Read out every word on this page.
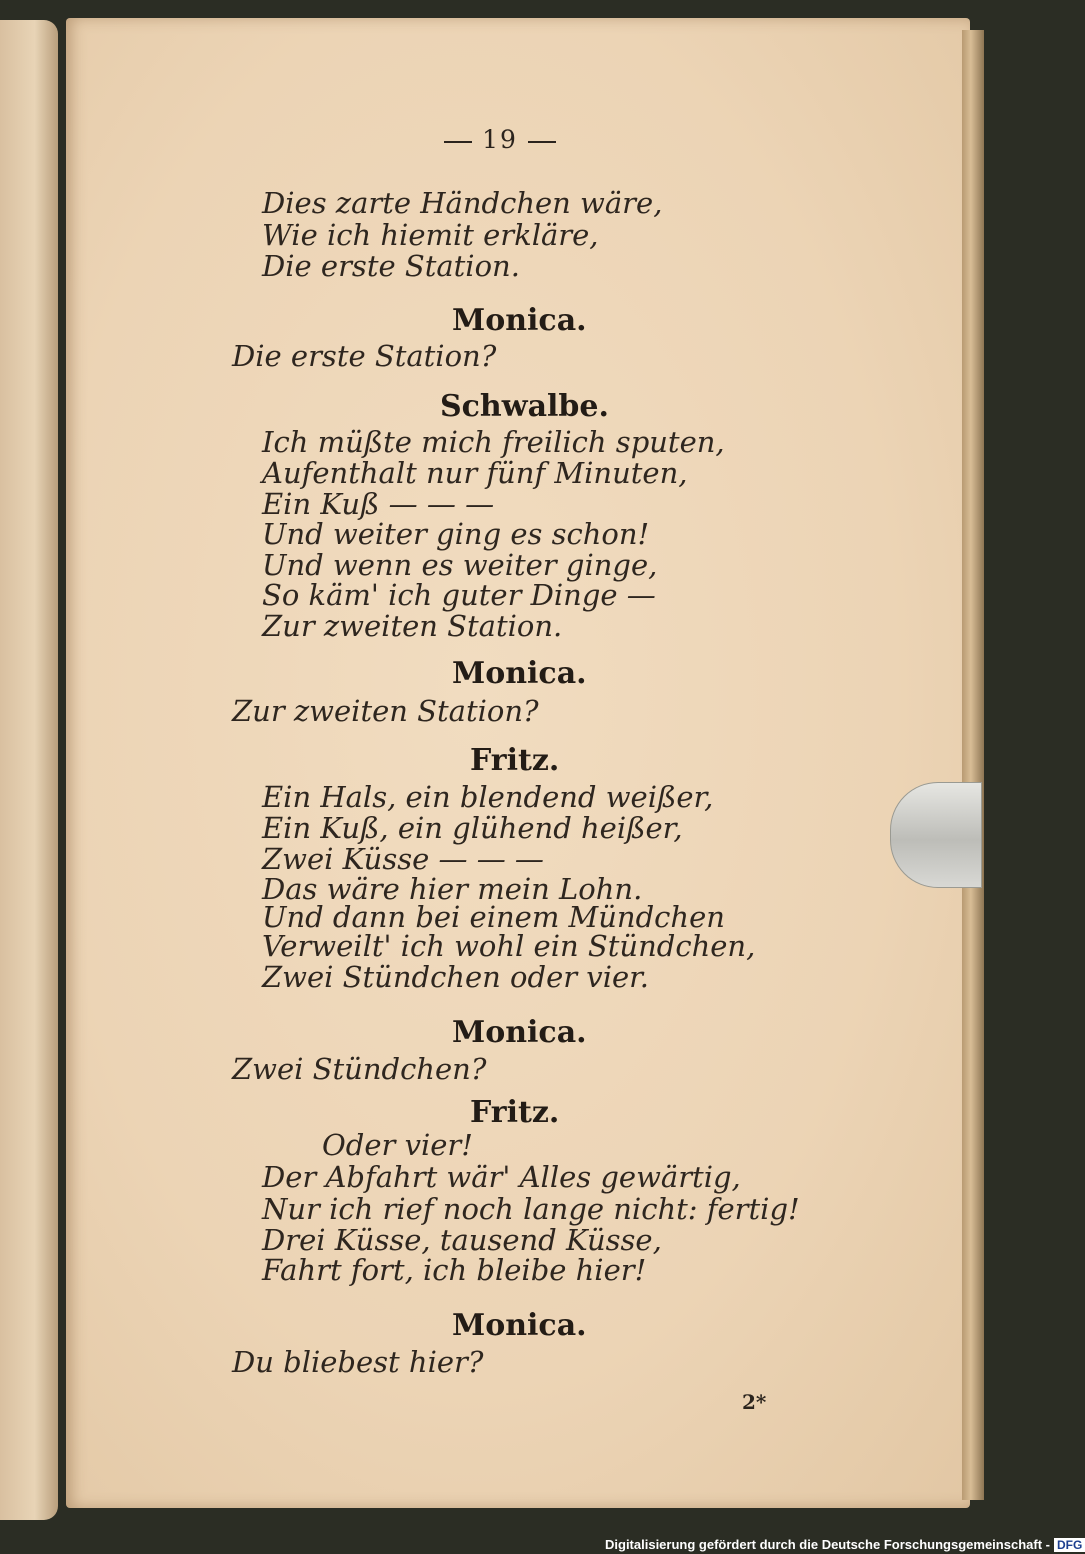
19
Dies zarte Händchen wäre,
Wie ich hiemit erkläre,
Die erste Station.
Monica.
Die erste Station?
Schwalbe.
Ich müßte mich freilich sputen,
Aufenthalt nur fünf Minuten,
Ein Kuß — — —
Und weiter ging es schon!
Und wenn es weiter ginge,
So käm' ich guter Dinge —
Zur zweiten Station.
Monica.
Zur zweiten Station?
Fritz.
Ein Hals, ein blendend weißer,
Ein Kuß, ein glühend heißer,
Zwei Küsse — — —
Das wäre hier mein Lohn.
Und dann bei einem Mündchen
Verweilt' ich wohl ein Stündchen,
Zwei Stündchen oder vier.
Monica.
Zwei Stündchen?
Fritz.
Oder vier!
Der Abfahrt wär' Alles gewärtig,
Nur ich rief noch lange nicht: fertig!
Drei Küsse, tausend Küsse,
Fahrt fort, ich bleibe hier!
Monica.
Du bliebest hier?
2*
Digitalisierung gefördert durch die Deutsche Forschungsgemeinschaft - DFG
